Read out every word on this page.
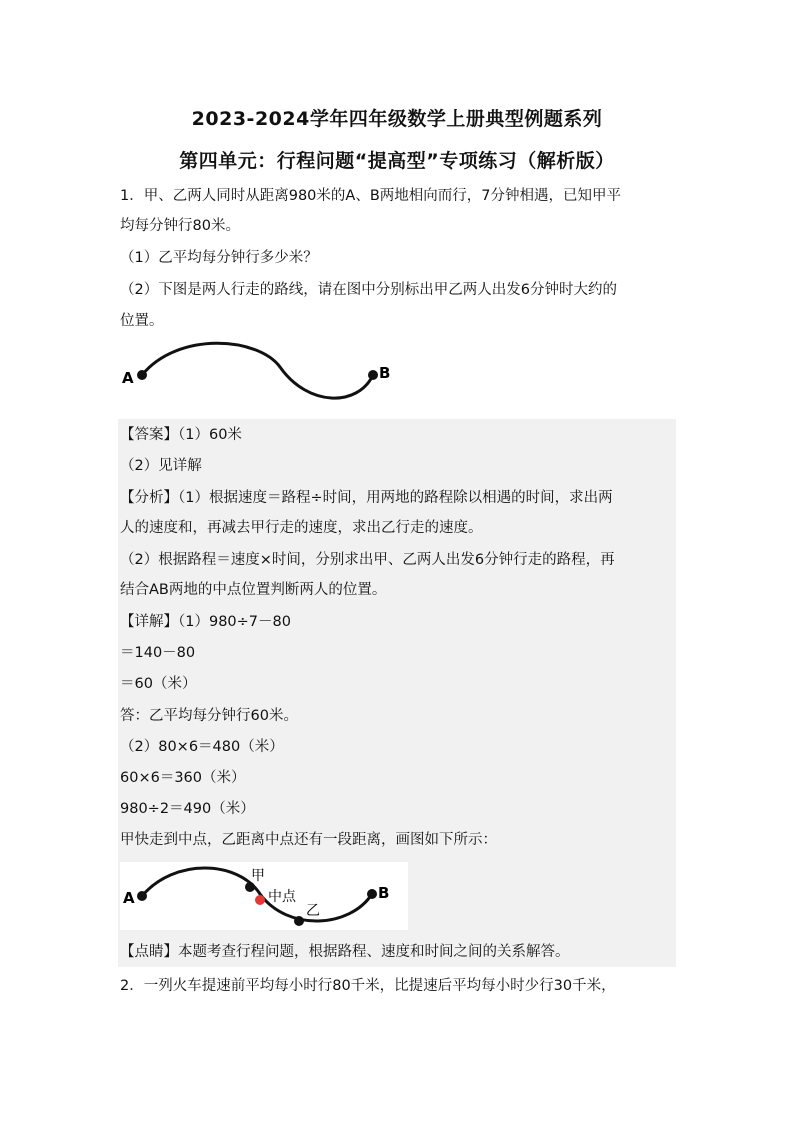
2023-2024学年四年级数学上册典型例题系列
第四单元：行程问题“提高型”专项练习（解析版）
1．甲、乙两人同时从距离980米的A、B两地相向而行，7分钟相遇，已知甲平
均每分钟行80米。
（1）乙平均每分钟行多少米？
（2）下图是两人行走的路线，请在图中分别标出甲乙两人出发6分钟时大约的
位置。
A	B
【答案】（1）60米
（2）见详解
【分析】（1）根据速度＝路程÷时间，用两地的路程除以相遇的时间，求出两
人的速度和，再减去甲行走的速度，求出乙行走的速度。
（2）根据路程＝速度×时间，分别求出甲、乙两人出发6分钟行走的路程，再
结合AB两地的中点位置判断两人的位置。
【详解】（1）980÷7－80
＝140－80
＝60（米）
答：乙平均每分钟行60米。
（2）80×6＝480（米）
60×6＝360（米）
980÷2＝490（米）
甲快走到中点，乙距离中点还有一段距离，画图如下所示：
A	B
甲
中点
乙
【点睛】本题考查行程问题，根据路程、速度和时间之间的关系解答。
2．一列火车提速前平均每小时行80千米，比提速后平均每小时少行30千米，
